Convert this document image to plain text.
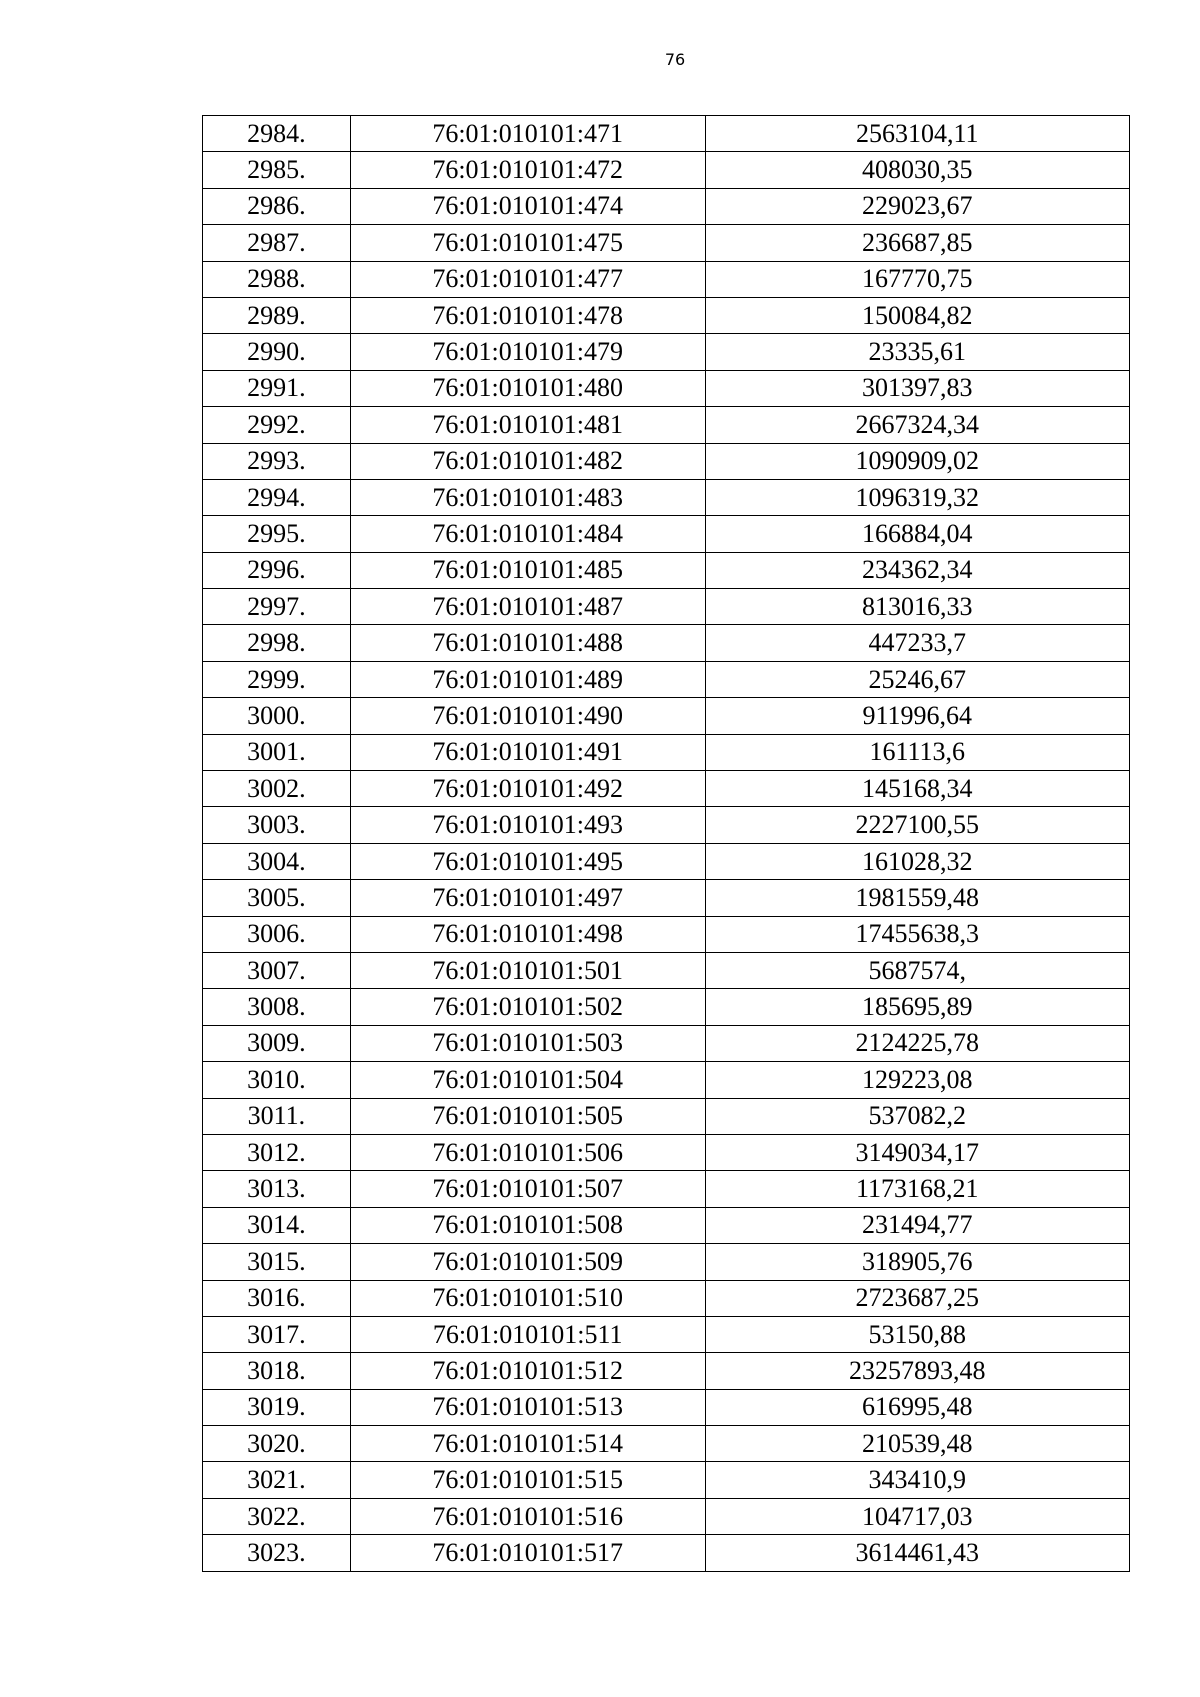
76
2984.	76:01:010101:471	2563104,11
2985.	76:01:010101:472	408030,35
2986.	76:01:010101:474	229023,67
2987.	76:01:010101:475	236687,85
2988.	76:01:010101:477	167770,75
2989.	76:01:010101:478	150084,82
2990.	76:01:010101:479	23335,61
2991.	76:01:010101:480	301397,83
2992.	76:01:010101:481	2667324,34
2993.	76:01:010101:482	1090909,02
2994.	76:01:010101:483	1096319,32
2995.	76:01:010101:484	166884,04
2996.	76:01:010101:485	234362,34
2997.	76:01:010101:487	813016,33
2998.	76:01:010101:488	447233,7
2999.	76:01:010101:489	25246,67
3000.	76:01:010101:490	911996,64
3001.	76:01:010101:491	161113,6
3002.	76:01:010101:492	145168,34
3003.	76:01:010101:493	2227100,55
3004.	76:01:010101:495	161028,32
3005.	76:01:010101:497	1981559,48
3006.	76:01:010101:498	17455638,3
3007.	76:01:010101:501	5687574,
3008.	76:01:010101:502	185695,89
3009.	76:01:010101:503	2124225,78
3010.	76:01:010101:504	129223,08
3011.	76:01:010101:505	537082,2
3012.	76:01:010101:506	3149034,17
3013.	76:01:010101:507	1173168,21
3014.	76:01:010101:508	231494,77
3015.	76:01:010101:509	318905,76
3016.	76:01:010101:510	2723687,25
3017.	76:01:010101:511	53150,88
3018.	76:01:010101:512	23257893,48
3019.	76:01:010101:513	616995,48
3020.	76:01:010101:514	210539,48
3021.	76:01:010101:515	343410,9
3022.	76:01:010101:516	104717,03
3023.	76:01:010101:517	3614461,43
